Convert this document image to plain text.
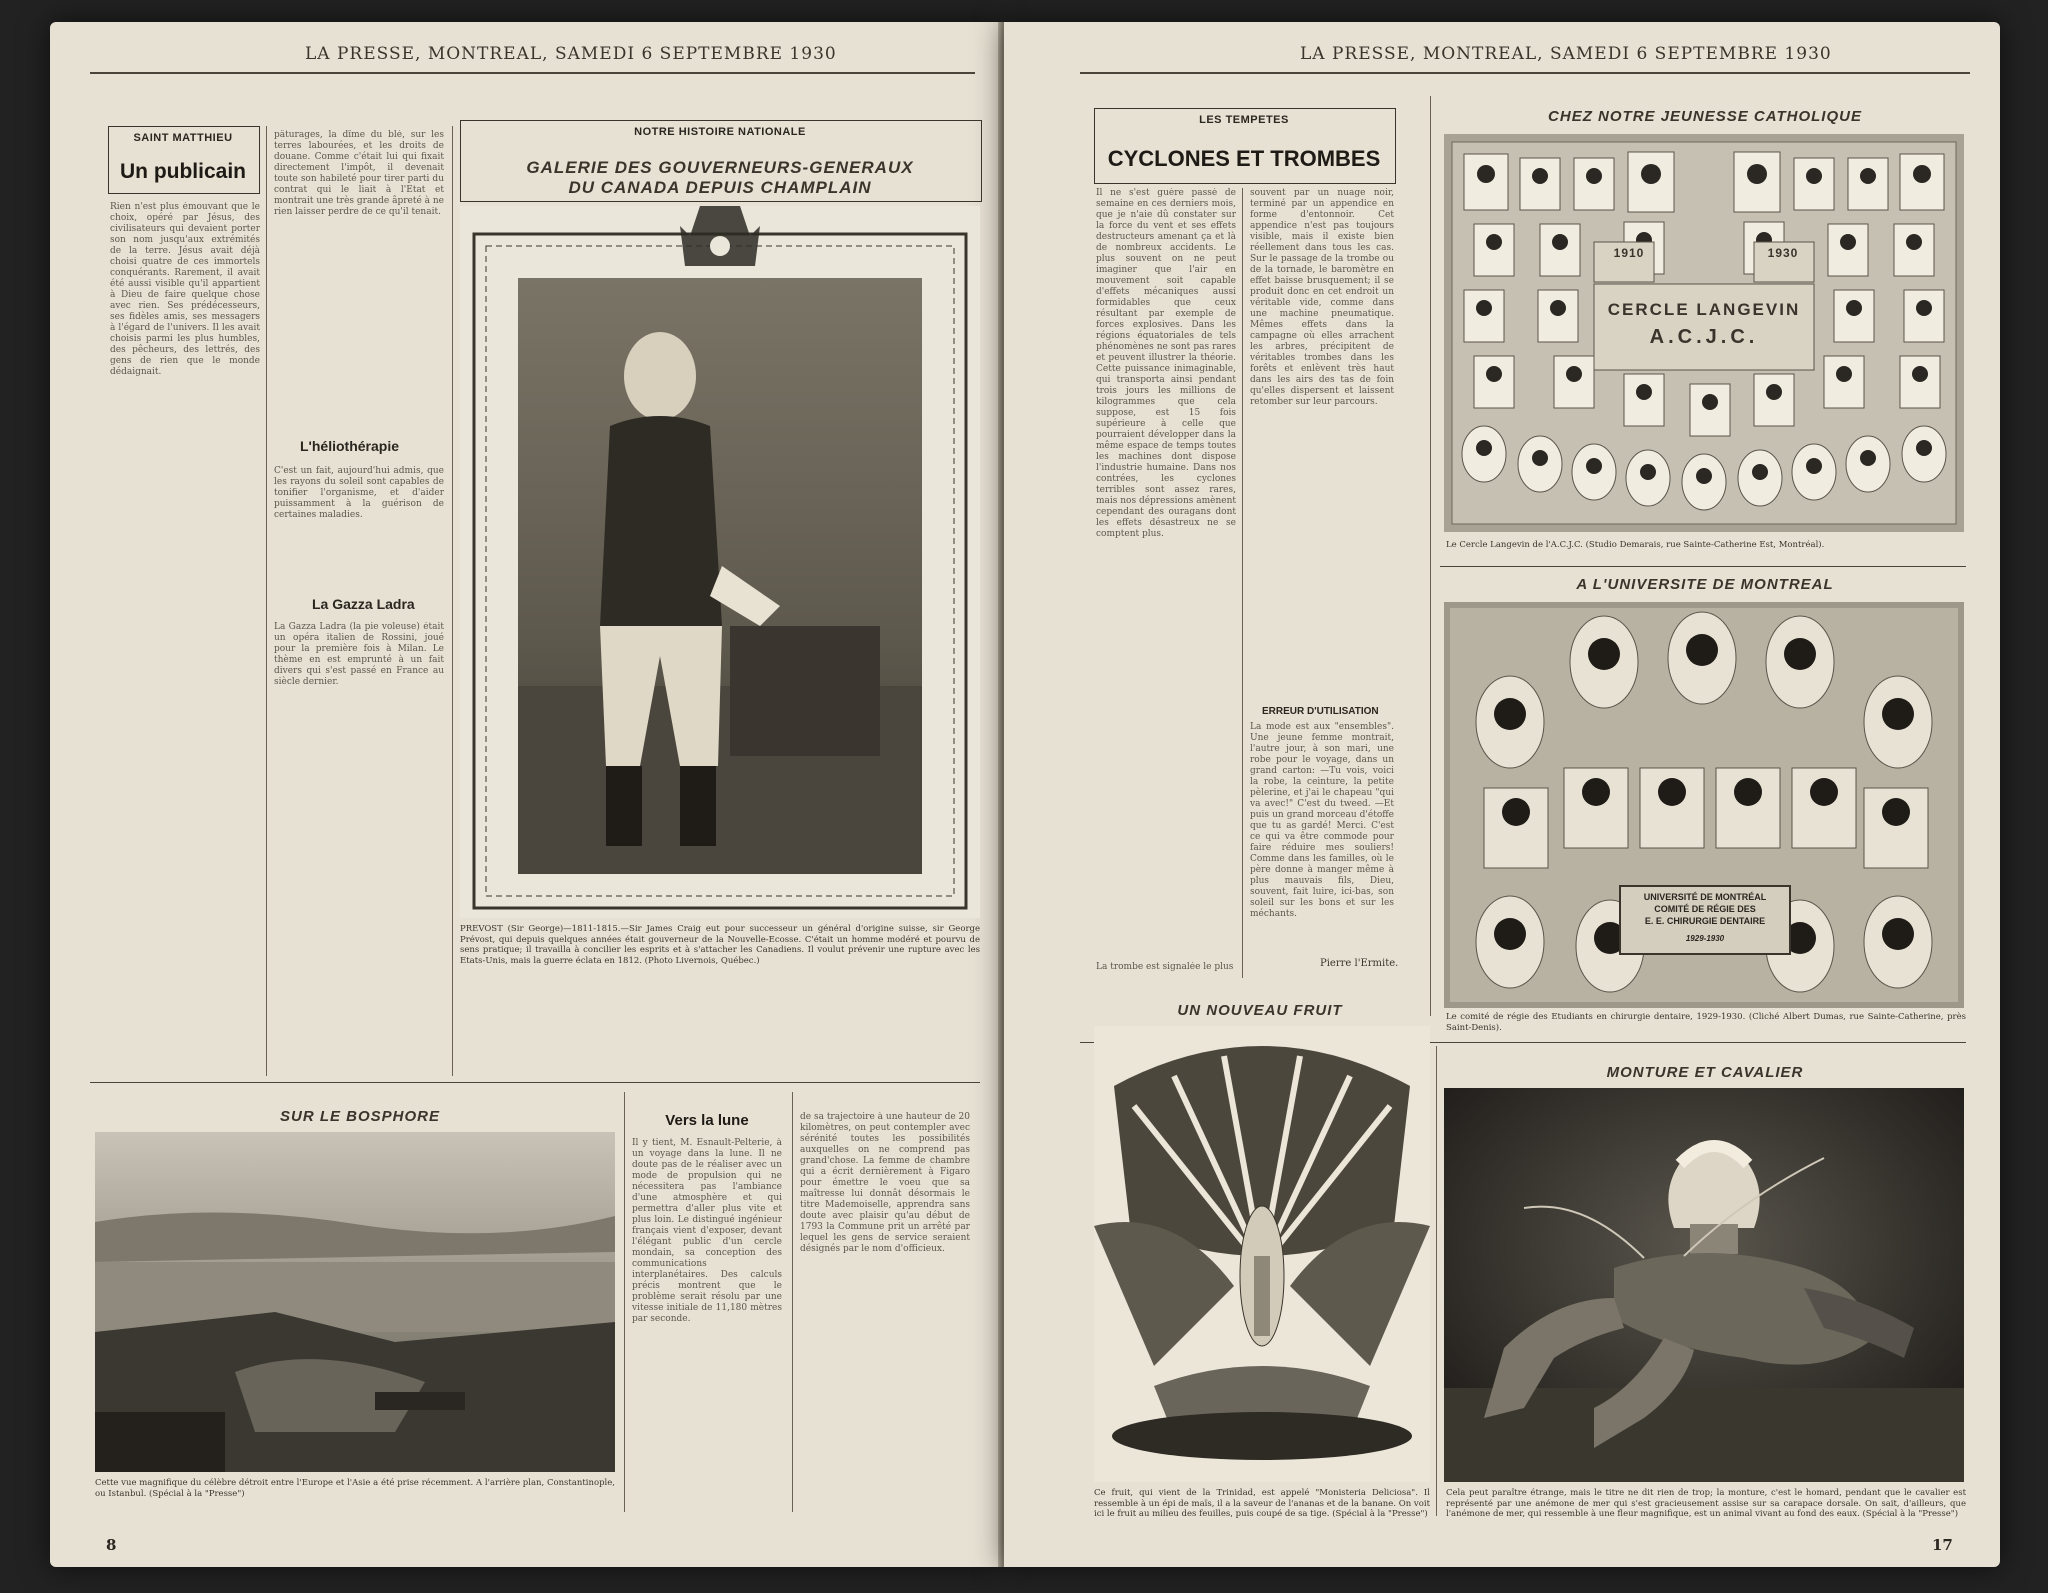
LA PRESSE, MONTREAL, SAMEDI 6 SEPTEMBRE 1930
SAINT MATTHIEU
Un publicain
Rien n'est plus émouvant que le choix, opéré par Jésus, des civilisateurs qui devaient porter son nom jusqu'aux extrémités de la terre. Jésus avait déjà choisi quatre de ces immortels conquérants. Rarement, il avait été aussi visible qu'il appartient à Dieu de faire quelque chose avec rien. Ses prédécesseurs, ses fidèles amis, ses messagers à l'égard de l'univers. Il les avait choisis parmi les plus humbles, des pêcheurs, des lettrés, des gens de rien que le monde dédaignait.
pâturages, la dîme du blé, sur les terres labourées, et les droits de douane. Comme c'était lui qui fixait directement l'impôt, il devenait toute son habileté pour tirer parti du contrat qui le liait à l'Etat et montrait une très grande âpreté à ne rien laisser perdre de ce qu'il tenait.
L'héliothérapie
C'est un fait, aujourd'hui admis, que les rayons du soleil sont capables de tonifier l'organisme, et d'aider puissamment à la guérison de certaines maladies.
La Gazza Ladra
La Gazza Ladra (la pie voleuse) était un opéra italien de Rossini, joué pour la première fois à Milan. Le thème en est emprunté à un fait divers qui s'est passé en France au siècle dernier.
NOTRE HISTOIRE NATIONALE
GALERIE DES GOUVERNEURS-GENERAUX
DU CANADA DEPUIS CHAMPLAIN
PREVOST (Sir George)—1811-1815.—Sir James Craig eut pour successeur un général d'origine suisse, sir George Prévost, qui depuis quelques années était gouverneur de la Nouvelle-Ecosse. C'était un homme modéré et pourvu de sens pratique; il travailla à concilier les esprits et à s'attacher les Canadiens. Il voulut prévenir une rupture avec les Etats-Unis, mais la guerre éclata en 1812. (Photo Livernois, Québec.)
SUR LE BOSPHORE
Cette vue magnifique du célèbre détroit entre l'Europe et l'Asie a été prise récemment. A l'arrière plan, Constantinople, ou Istanbul. (Spécial à la "Presse")
Vers la lune
Il y tient, M. Esnault-Pelterie, à un voyage dans la lune. Il ne doute pas de le réaliser avec un mode de propulsion qui ne nécessitera pas l'ambiance d'une atmosphère et qui permettra d'aller plus vite et plus loin. Le distingué ingénieur français vient d'exposer, devant l'élégant public d'un cercle mondain, sa conception des communications interplanétaires. Des calculs précis montrent que le problème serait résolu par une vitesse initiale de 11,180 mètres par seconde.
de sa trajectoire à une hauteur de 20 kilomètres, on peut contempler avec sérénité toutes les possibilités auxquelles on ne comprend pas grand'chose. La femme de chambre qui a écrit dernièrement à Figaro pour émettre le voeu que sa maîtresse lui donnât désormais le titre Mademoiselle, apprendra sans doute avec plaisir qu'au début de 1793 la Commune prit un arrêté par lequel les gens de service seraient désignés par le nom d'officieux.
8
LA PRESSE, MONTREAL, SAMEDI 6 SEPTEMBRE 1930
LES TEMPETES
CYCLONES ET TROMBES
Il ne s'est guère passé de semaine en ces derniers mois, que je n'aie dû constater sur la force du vent et ses effets destructeurs amenant ça et là de nombreux accidents. Le plus souvent on ne peut imaginer que l'air en mouvement soit capable d'effets mécaniques aussi formidables que ceux résultant par exemple de forces explosives. Dans les régions équatoriales de tels phénomènes ne sont pas rares et peuvent illustrer la théorie. Cette puissance inimaginable, qui transporta ainsi pendant trois jours les millions de kilogrammes que cela suppose, est 15 fois supérieure à celle que pourraient développer dans la même espace de temps toutes les machines dont dispose l'industrie humaine. Dans nos contrées, les cyclones terribles sont assez rares, mais nos dépressions amènent cependant des ouragans dont les effets désastreux ne se comptent plus.
La trombe est signalée le plus
souvent par un nuage noir, terminé par un appendice en forme d'entonnoir. Cet appendice n'est pas toujours visible, mais il existe bien réellement dans tous les cas. Sur le passage de la trombe ou de la tornade, le baromètre en effet baisse brusquement; il se produit donc en cet endroit un véritable vide, comme dans une machine pneumatique. Mêmes effets dans la campagne où elles arrachent les arbres, précipitent de véritables trombes dans les forêts et enlèvent très haut dans les airs des tas de foin qu'elles dispersent et laissent retomber sur leur parcours.
ERREUR D'UTILISATION
La mode est aux "ensembles". Une jeune femme montrait, l'autre jour, à son mari, une robe pour le voyage, dans un grand carton: —Tu vois, voici la robe, la ceinture, la petite pèlerine, et j'ai le chapeau "qui va avec!" C'est du tweed. —Et puis un grand morceau d'étoffe que tu as gardé! Merci. C'est ce qui va être commode pour faire réduire mes souliers! Comme dans les familles, où le père donne à manger même à plus mauvais fils, Dieu, souvent, fait luire, ici-bas, son soleil sur les bons et sur les méchants.
Pierre l'Ermite.
CHEZ NOTRE JEUNESSE CATHOLIQUE
1910	1930
CERCLE LANGEVIN
A.C.J.C.
Le Cercle Langevin de l'A.C.J.C. (Studio Demarais, rue Sainte-Catherine Est, Montréal).
A L'UNIVERSITE DE MONTREAL
UNIVERSITÉ DE MONTRÉAL
COMITÉ DE RÉGIE DES
E. E. CHIRURGIE DENTAIRE
1929-1930
Le comité de régie des Etudiants en chirurgie dentaire, 1929-1930. (Cliché Albert Dumas, rue Sainte-Catherine, près Saint-Denis).
UN NOUVEAU FRUIT
Ce fruit, qui vient de la Trinidad, est appelé "Monisteria Deliciosa". Il ressemble à un épi de maïs, il a la saveur de l'ananas et de la banane. On voit ici le fruit au milieu des feuilles, puis coupé de sa tige. (Spécial à la "Presse")
MONTURE ET CAVALIER
Cela peut paraître étrange, mais le titre ne dit rien de trop; la monture, c'est le homard, pendant que le cavalier est représenté par une anémone de mer qui s'est gracieusement assise sur sa carapace dorsale. On sait, d'ailleurs, que l'anémone de mer, qui ressemble à une fleur magnifique, est un animal vivant au fond des eaux. (Spécial à la "Presse")
17
